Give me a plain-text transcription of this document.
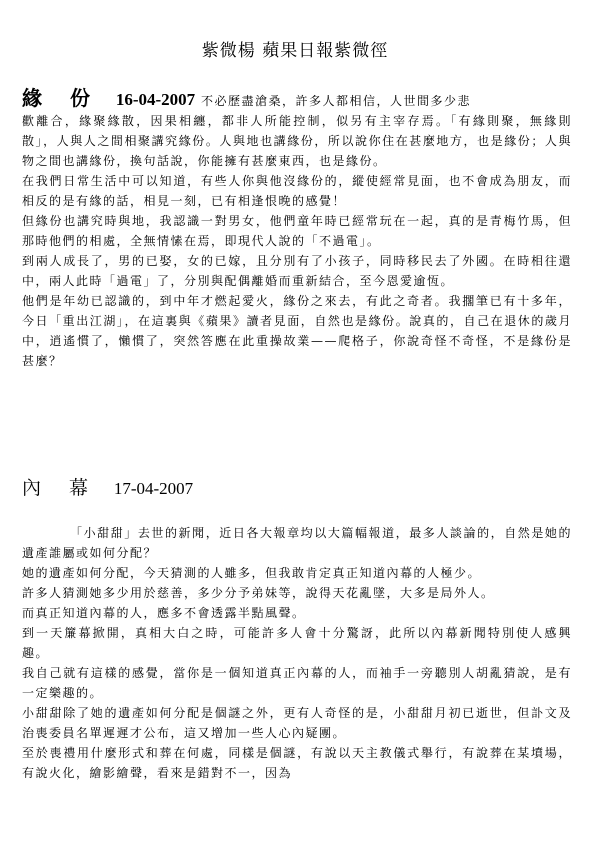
紫微楊 蘋果日報紫微徑
緣份 16-04-2007 不必歷盡滄桑，許多人都相信，人世間多少悲

歡離合，緣聚緣散，因果相纏，都非人所能控制，似另有主宰存焉。「有緣則聚，無緣則散」，人與人之間相聚講究緣份。人與地也講緣份，所以說你住在甚麼地方，也是緣份；人與物之間也講緣份，換句話說，你能擁有甚麼東西，也是緣份。

在我們日常生活中可以知道，有些人你與他沒緣份的，縱使經常見面，也不會成為朋友，而相反的是有緣的話，相見一刻，已有相逢恨晚的感覺！

但緣份也講究時與地，我認識一對男女，他們童年時已經常玩在一起，真的是青梅竹馬，但那時他們的相處，全無情愫在焉，即現代人說的「不過電」。

到兩人成長了，男的已娶，女的已嫁，且分別有了小孩子，同時移民去了外國。在時相往還中，兩人此時「過電」了，分別與配偶離婚而重新結合，至今恩愛逾恆。

他們是年幼已認識的，到中年才燃起愛火，緣份之來去，有此之奇者。我擱筆已有十多年，今日「重出江湖」，在這裏與《蘋果》讀者見面，自然也是緣份。說真的，自己在退休的歲月中，逍遙慣了，懶慣了，突然答應在此重操故業——爬格子，你說奇怪不奇怪，不是緣份是甚麼？

內幕 17-04-2007

「小甜甜」去世的新聞，近日各大報章均以大篇幅報道，最多人談論的，自然是她的遺產誰屬或如何分配？

她的遺產如何分配，今天猜測的人雖多，但我敢肯定真正知道內幕的人極少。

許多人猜測她多少用於慈善，多少分予弟妹等，說得天花亂墜，大多是局外人。

而真正知道內幕的人，應多不會透露半點風聲。

到一天簾幕掀開，真相大白之時，可能許多人會十分驚訝，此所以內幕新聞特別使人感興趣。

我自己就有這樣的感覺，當你是一個知道真正內幕的人，而袖手一旁聽別人胡亂猜說，是有一定樂趣的。

小甜甜除了她的遺產如何分配是個謎之外，更有人奇怪的是，小甜甜月初已逝世，但訃文及治喪委員名單遲遲才公布，這又增加一些人心內疑團。

至於喪禮用什麼形式和葬在何處，同樣是個謎，有說以天主教儀式舉行，有說葬在某墳場，有說火化，繪影繪聲，看來是錯對不一，因為
